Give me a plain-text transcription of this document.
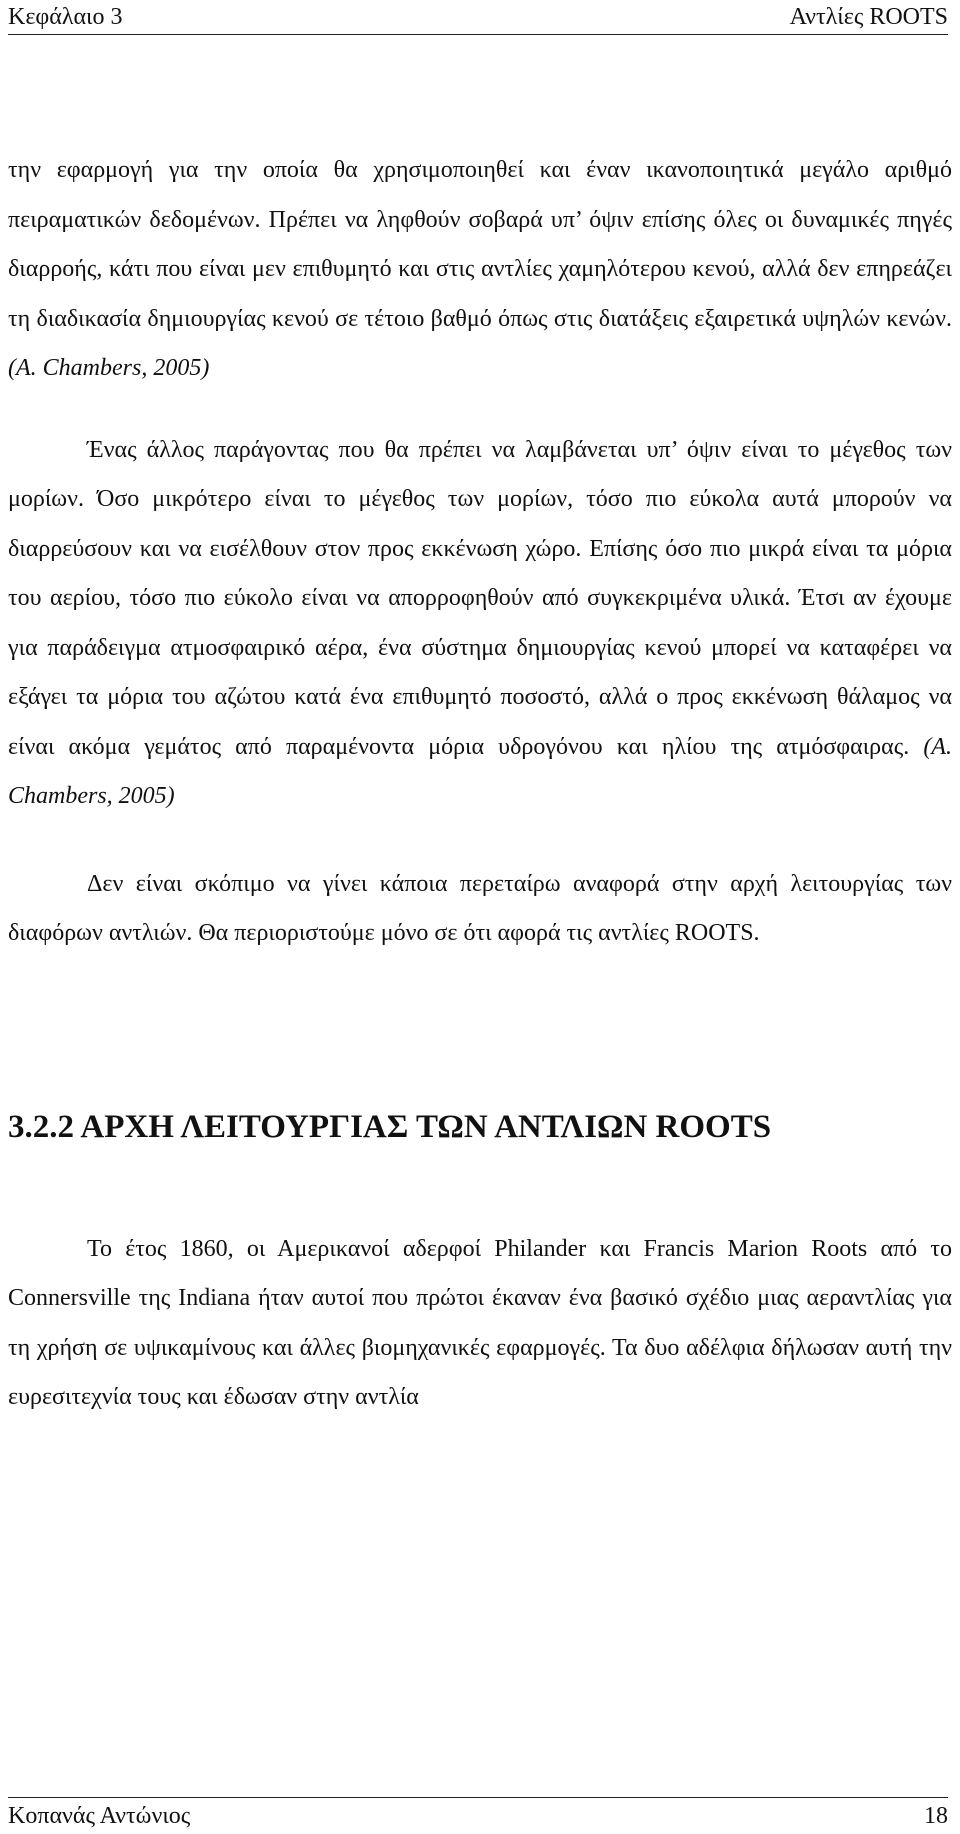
Κεφάλαιο 3	Αντλίες ROOTS

την εφαρμογή για την οποία θα χρησιμοποιηθεί και έναν ικανοποιητικά μεγάλο αριθμό πειραματικών δεδομένων. Πρέπει να ληφθούν σοβαρά υπ’ όψιν επίσης όλες οι δυναμικές πηγές διαρροής, κάτι που είναι μεν επιθυμητό και στις αντλίες χαμηλότερου κενού, αλλά δεν επηρεάζει τη διαδικασία δημιουργίας κενού σε τέτοιο βαθμό όπως στις διατάξεις εξαιρετικά υψηλών κενών. (A. Chambers, 2005)

Ένας άλλος παράγοντας που θα πρέπει να λαμβάνεται υπ’ όψιν είναι το μέγεθος των μορίων. Όσο μικρότερο είναι το μέγεθος των μορίων, τόσο πιο εύκολα αυτά μπορούν να διαρρεύσουν και να εισέλθουν στον προς εκκένωση χώρο. Επίσης όσο πιο μικρά είναι τα μόρια του αερίου, τόσο πιο εύκολο είναι να απορροφηθούν από συγκεκριμένα υλικά. Έτσι αν έχουμε για παράδειγμα ατμοσφαιρικό αέρα, ένα σύστημα δημιουργίας κενού μπορεί να καταφέρει να εξάγει τα μόρια του αζώτου κατά ένα επιθυμητό ποσοστό, αλλά ο προς εκκένωση θάλαμος να είναι ακόμα γεμάτος από παραμένοντα μόρια υδρογόνου και ηλίου της ατμόσφαιρας. (A. Chambers, 2005)

Δεν είναι σκόπιμο να γίνει κάποια περεταίρω αναφορά στην αρχή λειτουργίας των διαφόρων αντλιών. Θα περιοριστούμε μόνο σε ότι αφορά τις αντλίες ROOTS.

3.2.2 ΑΡΧΗ ΛΕΙΤΟΥΡΓΙΑΣ ΤΩΝ ΑΝΤΛΙΩΝ ROOTS

Το έτος 1860, οι Αμερικανοί αδερφοί Philander και Francis Marion Roots από το Connersville της Indiana ήταν αυτοί που πρώτοι έκαναν ένα βασικό σχέδιο μιας αεραντλίας για τη χρήση σε υψικαμίνους και άλλες βιομηχανικές εφαρμογές. Τα δυο αδέλφια δήλωσαν αυτή την ευρεσιτεχνία τους και έδωσαν στην αντλία

Κοπανάς Αντώνιος	18
